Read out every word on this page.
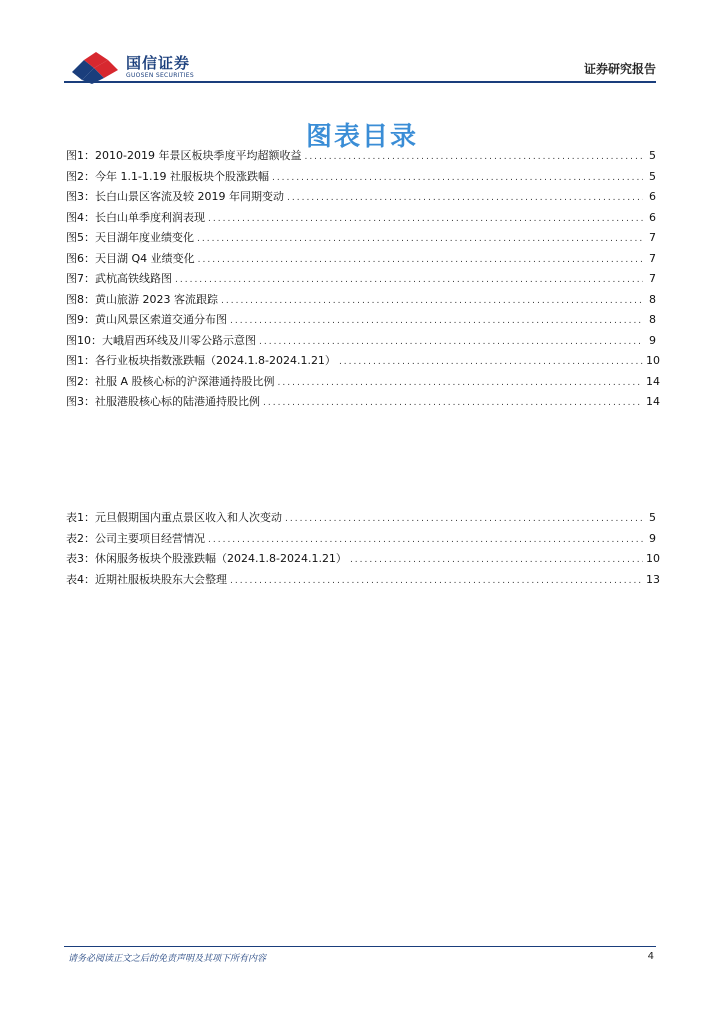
国信证券
GUOSEN SECURITIES	证券研究报告
图表目录
图1： 2010-2019 年景区板块季度平均超额收益 .....	5
图2： 今年 1.1-1.19 社服板块个股涨跌幅 .....	5
图3： 长白山景区客流及较 2019 年同期变动 .....	6
图4： 长白山单季度利润表现 .....	6
图5： 天目湖年度业绩变化 .....	7
图6： 天目湖 Q4 业绩变化 .....	7
图7： 武杭高铁线路图 .....	7
图8： 黄山旅游 2023 客流跟踪 .....	8
图9： 黄山风景区索道交通分布图 .....	8
图10： 大峨眉西环线及川零公路示意图 .....	9
图1： 各行业板块指数涨跌幅（2024.1.8-2024.1.21） .....	10
图2： 社服 A 股核心标的沪深港通持股比例 .....	14
图3： 社服港股核心标的陆港通持股比例 .....	14
表1： 元旦假期国内重点景区收入和人次变动 .....	5
表2： 公司主要项目经营情况 .....	9
表3： 休闲服务板块个股涨跌幅（2024.1.8-2024.1.21） .....	10
表4： 近期社服板块股东大会整理 .....	13
请务必阅读正文之后的免责声明及其项下所有内容	4
